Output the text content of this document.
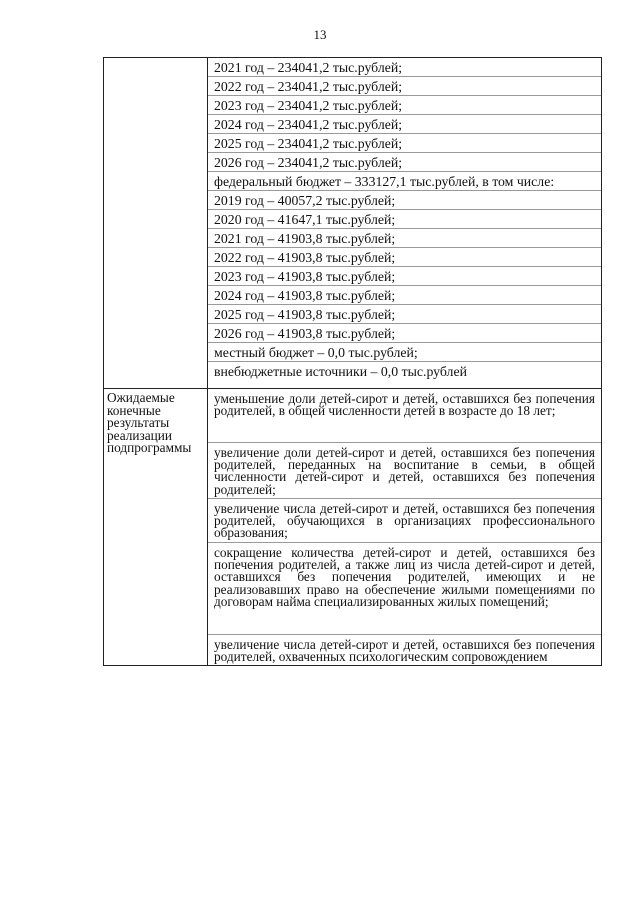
13
2021 год – 234041,2 тыс.рублей;
2022 год – 234041,2 тыс.рублей;
2023 год – 234041,2 тыс.рублей;
2024 год – 234041,2 тыс.рублей;
2025 год – 234041,2 тыс.рублей;
2026 год – 234041,2 тыс.рублей;
федеральный бюджет – 333127,1 тыс.рублей, в том числе:
2019 год – 40057,2 тыс.рублей;
2020 год – 41647,1 тыс.рублей;
2021 год – 41903,8 тыс.рублей;
2022 год – 41903,8 тыс.рублей;
2023 год – 41903,8 тыс.рублей;
2024 год – 41903,8 тыс.рублей;
2025 год – 41903,8 тыс.рублей;
2026 год – 41903,8 тыс.рублей;
местный бюджет – 0,0 тыс.рублей;
внебюджетные источники – 0,0 тыс.рублей
Ожидаемые конечные результаты реализации подпрограммы
уменьшение доли детей-сирот и детей, оставшихся без попечения родителей, в общей численности детей в возрасте до 18 лет;
увеличение доли детей-сирот и детей, оставшихся без попечения родителей, переданных на воспитание в семьи, в общей численности детей-сирот и детей, оставшихся без попечения родителей;
увеличение числа детей-сирот и детей, оставшихся без попечения родителей, обучающихся в организациях профессионального образования;
сокращение количества детей-сирот и детей, оставшихся без попечения родителей, а также лиц из числа детей-сирот и детей, оставшихся без попечения родителей, имеющих и не реализовавших право на обеспечение жилыми помещениями по договорам найма специализированных жилых помещений;
увеличение числа детей-сирот и детей, оставшихся без попечения родителей, охваченных психологическим сопровождением
